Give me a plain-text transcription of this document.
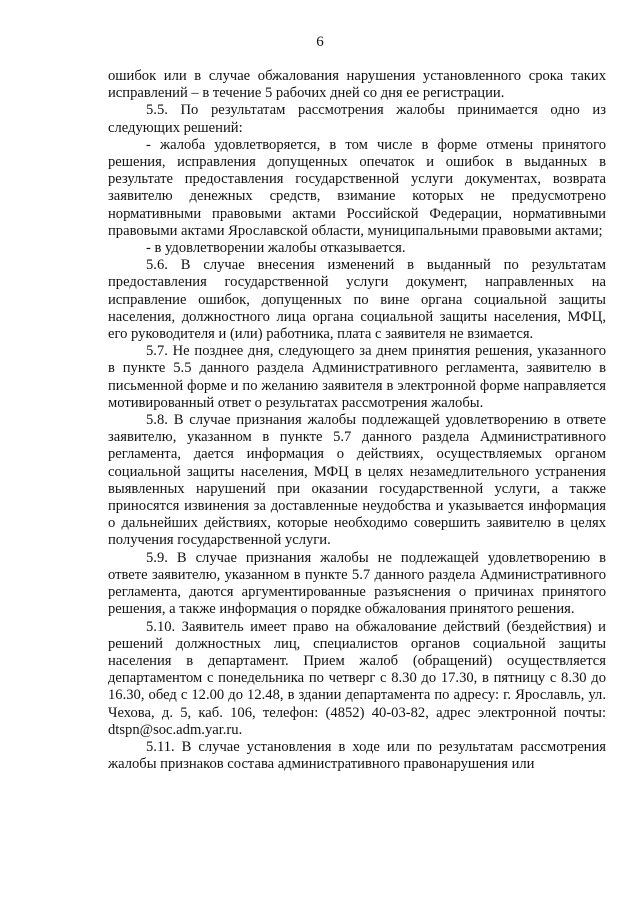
6

ошибок или в случае обжалования нарушения установленного срока таких исправлений – в течение 5 рабочих дней со дня ее регистрации.

5.5. По результатам рассмотрения жалобы принимается одно из следующих решений:

- жалоба удовлетворяется, в том числе в форме отмены принятого решения, исправления допущенных опечаток и ошибок в выданных в результате предоставления государственной услуги документах, возврата заявителю денежных средств, взимание которых не предусмотрено нормативными правовыми актами Российской Федерации, нормативными правовыми актами Ярославской области, муниципальными правовыми актами;

- в удовлетворении жалобы отказывается.

5.6. В случае внесения изменений в выданный по результатам предоставления государственной услуги документ, направленных на исправление ошибок, допущенных по вине органа социальной защиты населения, должностного лица органа социальной защиты населения, МФЦ, его руководителя и (или) работника, плата с заявителя не взимается.

5.7. Не позднее дня, следующего за днем принятия решения, указанного в пункте 5.5 данного раздела Административного регламента, заявителю в письменной форме и по желанию заявителя в электронной форме направляется мотивированный ответ о результатах рассмотрения жалобы.

5.8. В случае признания жалобы подлежащей удовлетворению в ответе заявителю, указанном в пункте 5.7 данного раздела Административного регламента, дается информация о действиях, осуществляемых органом социальной защиты населения, МФЦ в целях незамедлительного устранения выявленных нарушений при оказании государственной услуги, а также приносятся извинения за доставленные неудобства и указывается информация о дальнейших действиях, которые необходимо совершить заявителю в целях получения государственной услуги.

5.9. В случае признания жалобы не подлежащей удовлетворению в ответе заявителю, указанном в пункте 5.7 данного раздела Административного регламента, даются аргументированные разъяснения о причинах принятого решения, а также информация о порядке обжалования принятого решения.

5.10. Заявитель имеет право на обжалование действий (бездействия) и решений должностных лиц, специалистов органов социальной защиты населения в департамент. Прием жалоб (обращений) осуществляется департаментом с понедельника по четверг с 8.30 до 17.30, в пятницу с 8.30 до 16.30, обед с 12.00 до 12.48, в здании департамента по адресу: г. Ярославль, ул. Чехова, д. 5, каб. 106, телефон: (4852) 40-03-82, адрес электронной почты: dtspn@soc.adm.yar.ru.

5.11. В случае установления в ходе или по результатам рассмотрения жалобы признаков состава административного правонарушения или
